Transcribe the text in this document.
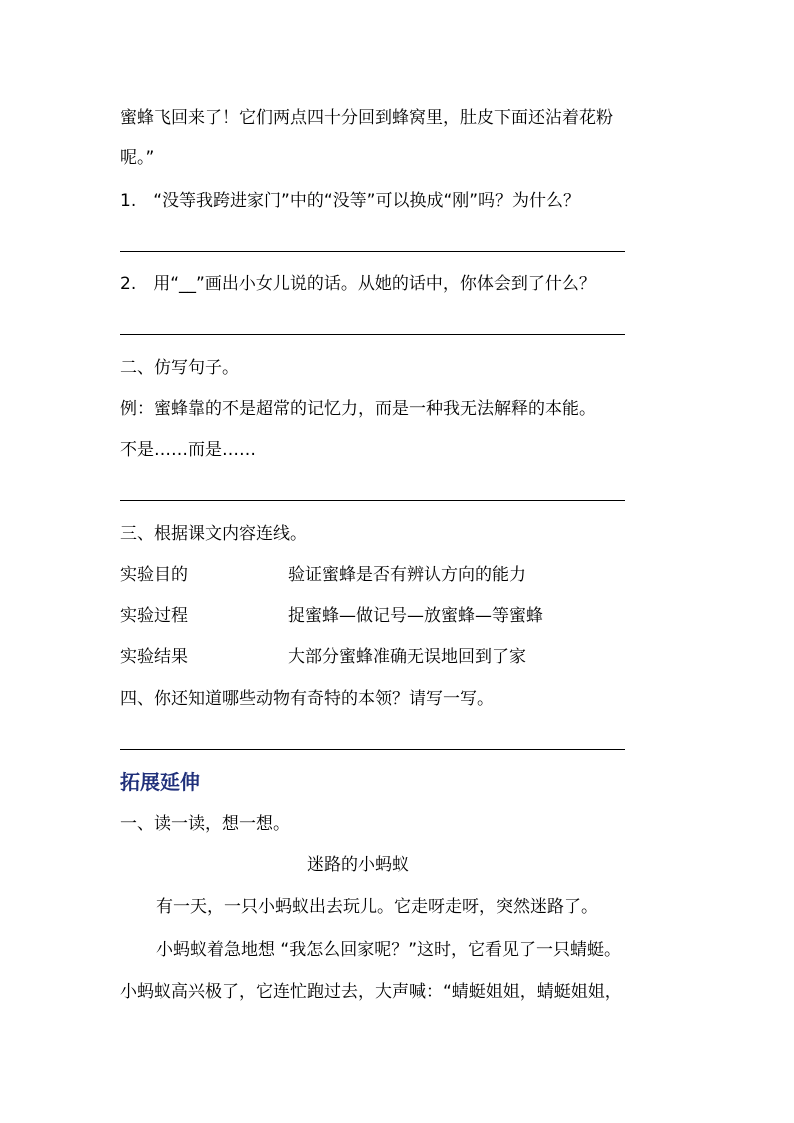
蜜蜂飞回来了！它们两点四十分回到蜂窝里，肚皮下面还沾着花粉
呢。”
1.　“没等我跨进家门”中的“没等”可以换成“刚”吗？为什么？
2.　用“__”画出小女儿说的话。从她的话中，你体会到了什么？
二、仿写句子。
例：蜜蜂靠的不是超常的记忆力，而是一种我无法解释的本能。
不是……而是……
三、根据课文内容连线。
实验目的	验证蜜蜂是否有辨认方向的能力
实验过程	捉蜜蜂—做记号—放蜜蜂—等蜜蜂
实验结果	大部分蜜蜂准确无误地回到了家
四、你还知道哪些动物有奇特的本领？请写一写。
拓展延伸
一、读一读，想一想。
迷路的小蚂蚁
有一天，一只小蚂蚁出去玩儿。它走呀走呀，突然迷路了。
小蚂蚁着急地想 “我怎么回家呢？”这时，它看见了一只蜻蜓。
小蚂蚁高兴极了，它连忙跑过去，大声喊：“蜻蜓姐姐，蜻蜓姐姐，
